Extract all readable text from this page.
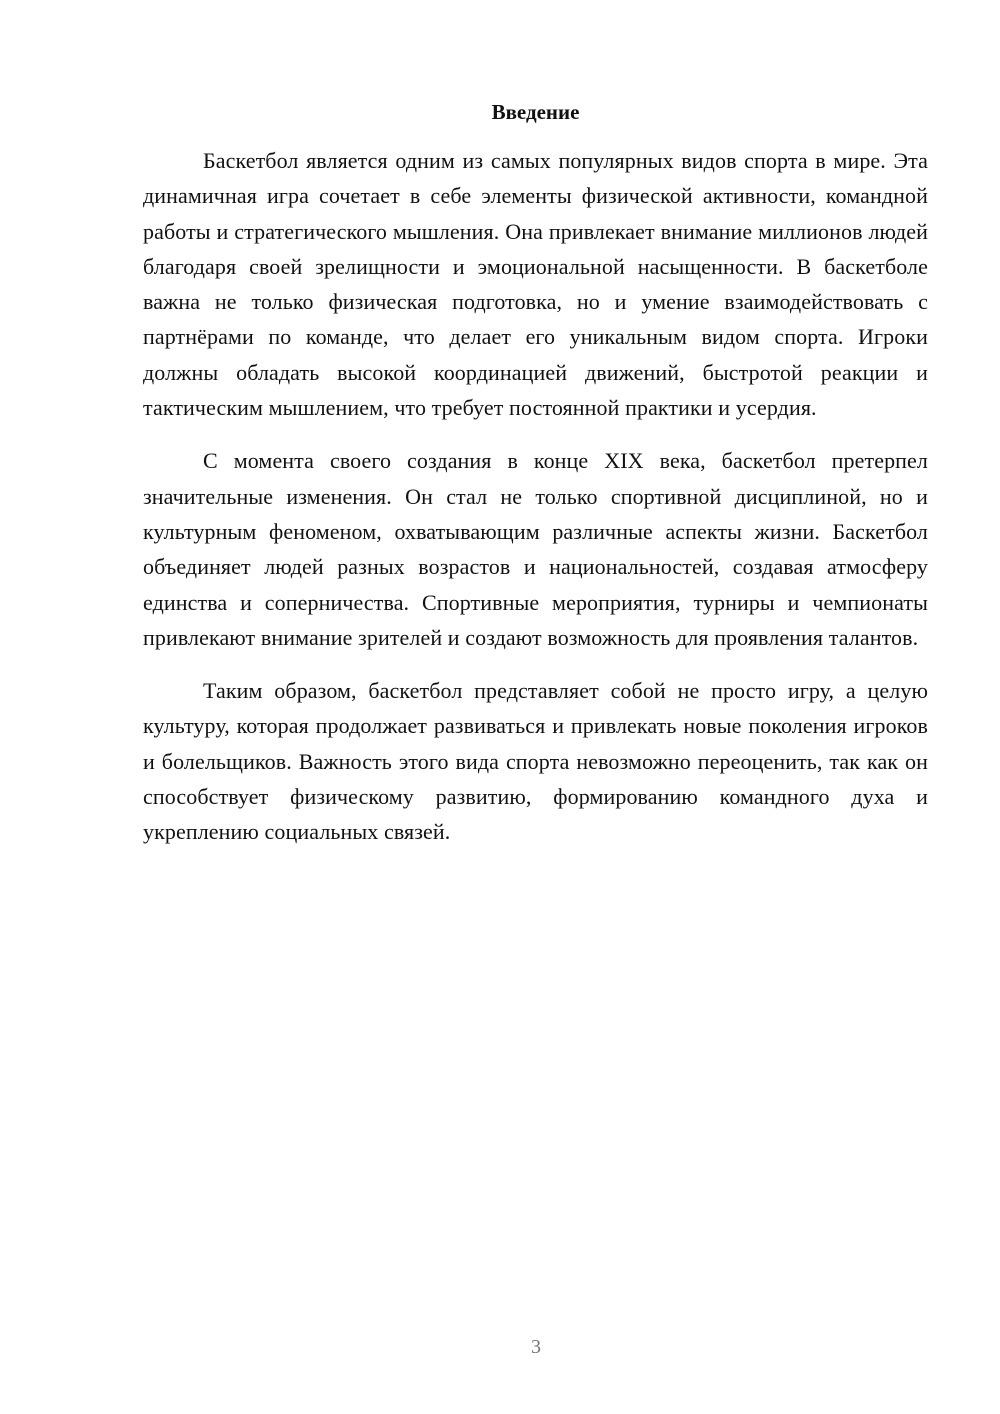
Введение

Баскетбол является одним из самых популярных видов спорта в мире. Эта динамичная игра сочетает в себе элементы физической активности, командной работы и стратегического мышления. Она привлекает внимание миллионов людей благодаря своей зрелищности и эмоциональной насыщенности. В баскетболе важна не только физическая подготовка, но и умение взаимодействовать с партнёрами по команде, что делает его уникальным видом спорта. Игроки должны обладать высокой координацией движений, быстротой реакции и тактическим мышлением, что требует постоянной практики и усердия.

С момента своего создания в конце XIX века, баскетбол претерпел значительные изменения. Он стал не только спортивной дисциплиной, но и культурным феноменом, охватывающим различные аспекты жизни. Баскетбол объединяет людей разных возрастов и национальностей, создавая атмосферу единства и соперничества. Спортивные мероприятия, турниры и чемпионаты привлекают внимание зрителей и создают возможность для проявления талантов.

Таким образом, баскетбол представляет собой не просто игру, а целую культуру, которая продолжает развиваться и привлекать новые поколения игроков и болельщиков. Важность этого вида спорта невозможно переоценить, так как он способствует физическому развитию, формированию командного духа и укреплению социальных связей.

3
